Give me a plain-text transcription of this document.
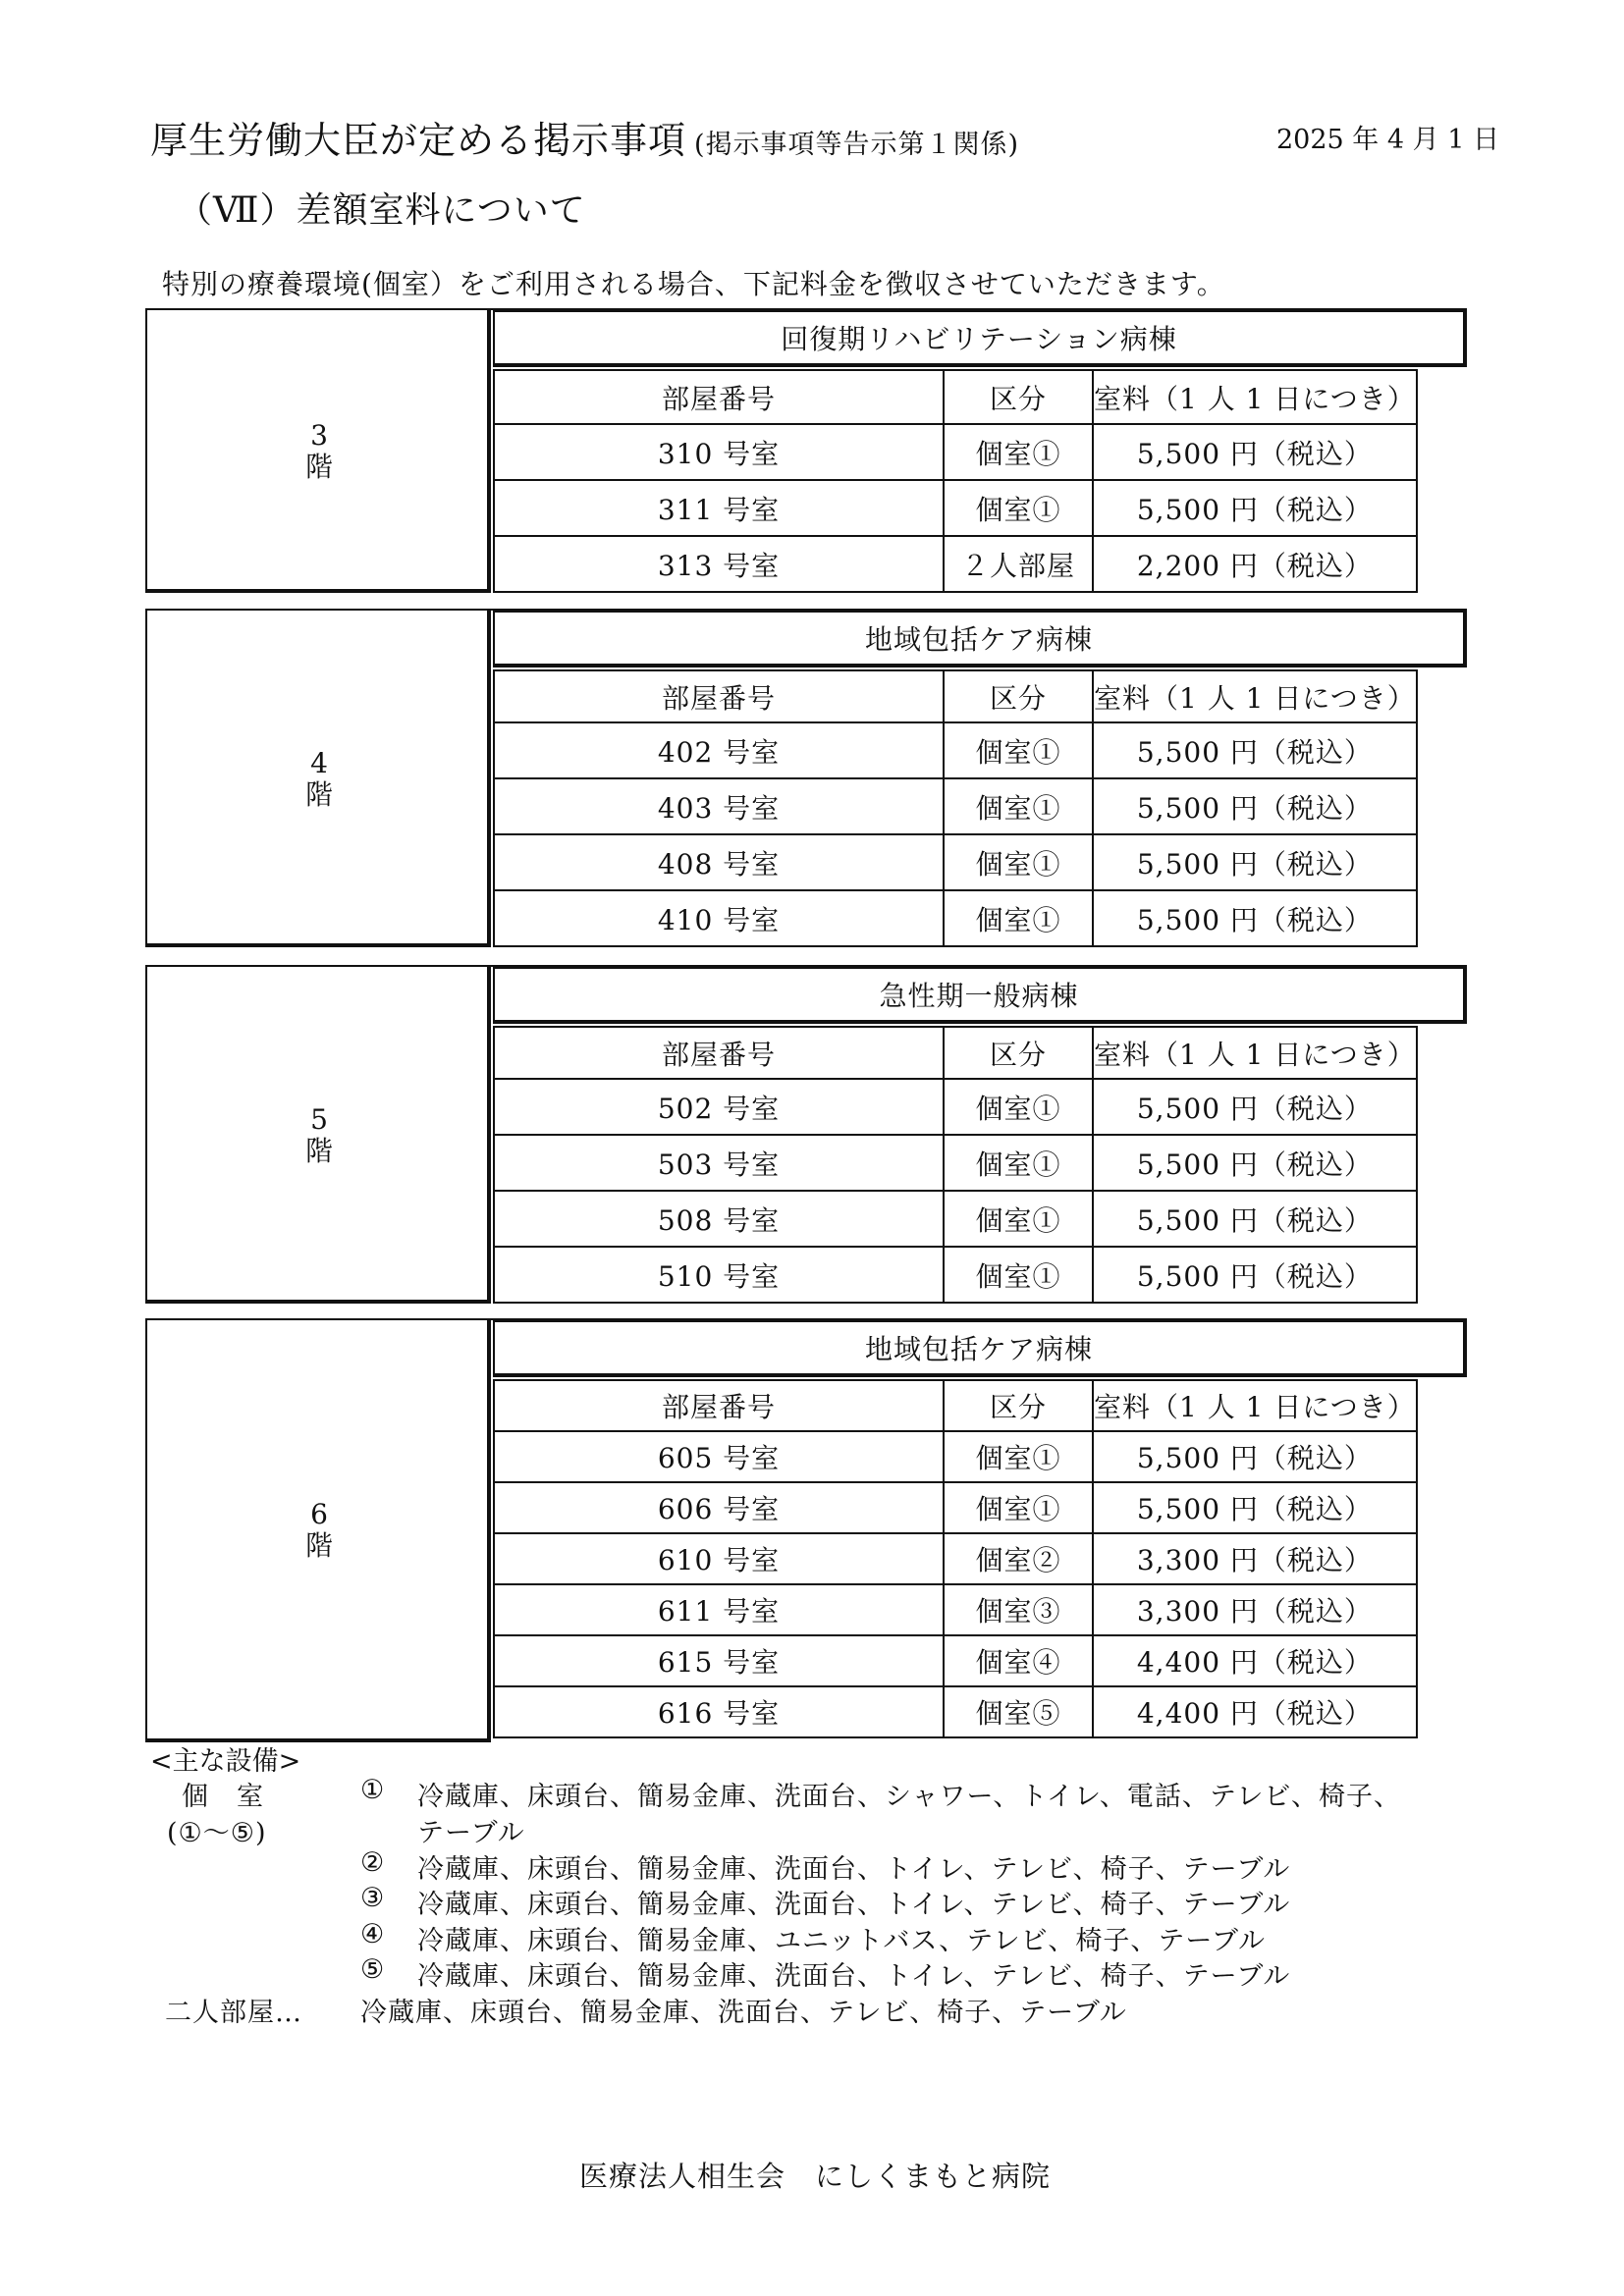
厚生労働大臣が定める掲示事項 (掲示事項等告示第１関係)	2025 年 4 月 1 日
（Ⅶ）差額室料について
特別の療養環境(個室）をご利用される場合、下記料金を徴収させていただきます。
3
階
回復期リハビリテーション病棟
部屋番号	区分	室料（1 人 1 日につき）
310 号室	個室①	5,500 円（税込）
311 号室	個室①	5,500 円（税込）
313 号室	２人部屋	2,200 円（税込）
4
階
地域包括ケア病棟
部屋番号	区分	室料（1 人 1 日につき）
402 号室	個室①	5,500 円（税込）
403 号室	個室①	5,500 円（税込）
408 号室	個室①	5,500 円（税込）
410 号室	個室①	5,500 円（税込）
5
階
急性期一般病棟
部屋番号	区分	室料（1 人 1 日につき）
502 号室	個室①	5,500 円（税込）
503 号室	個室①	5,500 円（税込）
508 号室	個室①	5,500 円（税込）
510 号室	個室①	5,500 円（税込）
6
階
地域包括ケア病棟
部屋番号	区分	室料（1 人 1 日につき）
605 号室	個室①	5,500 円（税込）
606 号室	個室①	5,500 円（税込）
610 号室	個室②	3,300 円（税込）
611 号室	個室③	3,300 円（税込）
615 号室	個室④	4,400 円（税込）
616 号室	個室⑤	4,400 円（税込）
<主な設備>
個　室
(①～⑤)
① 冷蔵庫、床頭台、簡易金庫、洗面台、シャワー、トイレ、電話、テレビ、椅子、
テーブル
② 冷蔵庫、床頭台、簡易金庫、洗面台、トイレ、テレビ、椅子、テーブル
③ 冷蔵庫、床頭台、簡易金庫、洗面台、トイレ、テレビ、椅子、テーブル
④ 冷蔵庫、床頭台、簡易金庫、ユニットバス、テレビ、椅子、テーブル
⑤ 冷蔵庫、床頭台、簡易金庫、洗面台、トイレ、テレビ、椅子、テーブル
二人部屋… 冷蔵庫、床頭台、簡易金庫、洗面台、テレビ、椅子、テーブル
医療法人相生会　にしくまもと病院
